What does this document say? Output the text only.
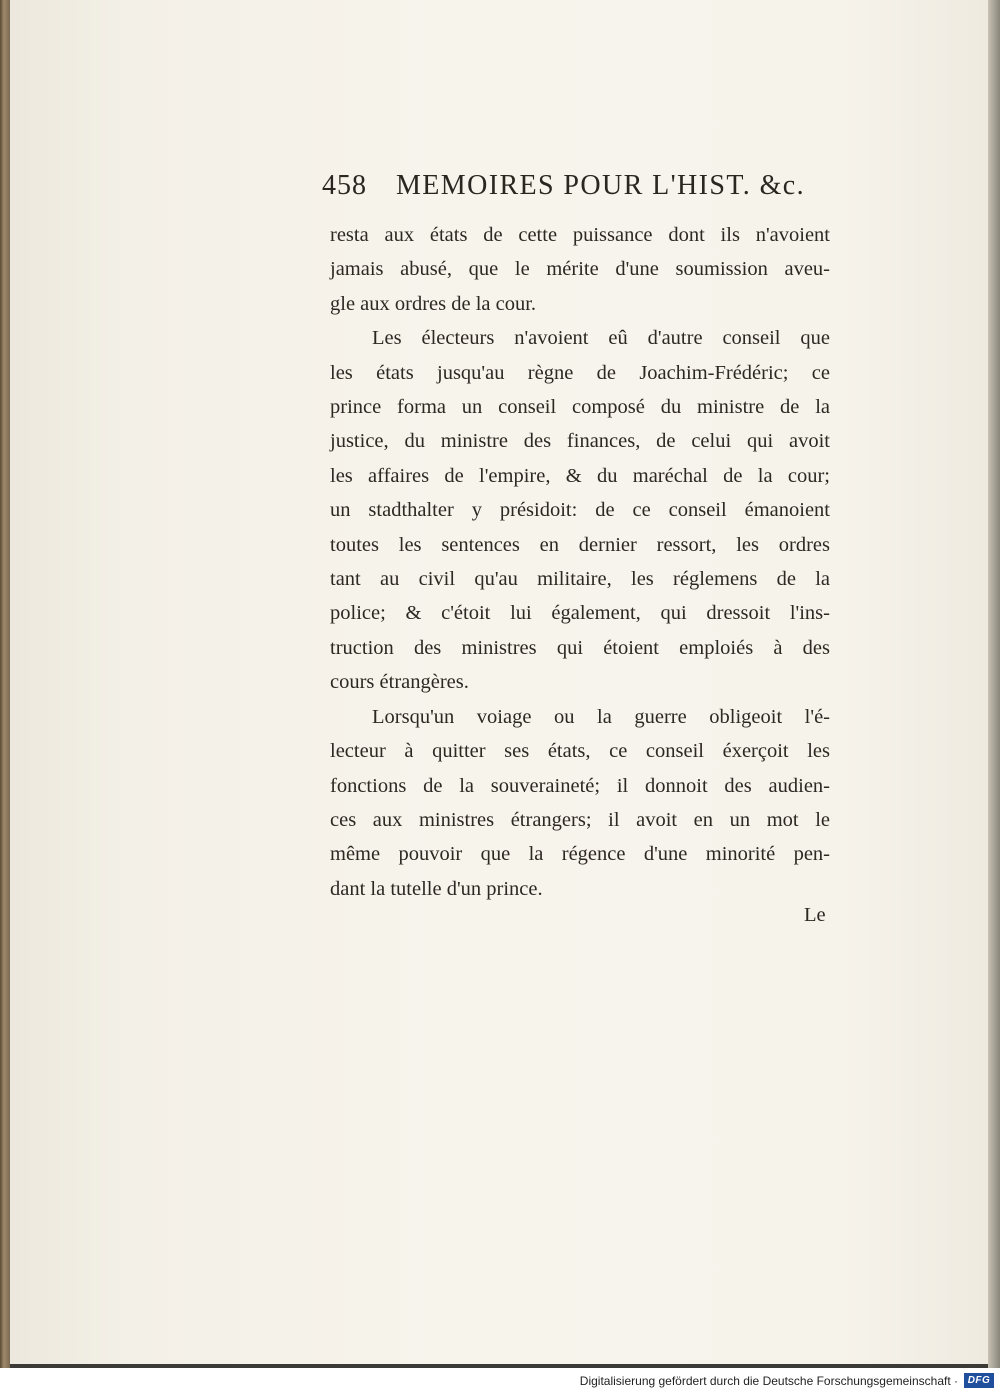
458 MEMOIRES POUR L'HIST. &c.

resta aux états de cette puissance dont ils n'avoient
jamais abusé, que le mérite d'une soumission aveu-
gle aux ordres de la cour.

Les électeurs n'avoient eû d'autre conseil que
les états jusqu'au règne de Joachim-Frédéric; ce
prince forma un conseil composé du ministre de la
justice, du ministre des finances, de celui qui avoit
les affaires de l'empire, & du maréchal de la cour;
un stadthalter y présidoit: de ce conseil émanoient
toutes les sentences en dernier ressort, les ordres
tant au civil qu'au militaire, les réglemens de la
police; & c'étoit lui également, qui dressoit l'ins-
truction des ministres qui étoient emploiés à des
cours étrangères.

Lorsqu'un voiage ou la guerre obligeoit l'é-
lecteur à quitter ses états, ce conseil éxerçoit les
fonctions de la souveraineté; il donnoit des audien-
ces aux ministres étrangers; il avoit en un mot le
même pouvoir que la régence d'une minorité pen-
dant la tutelle d'un prince.

Le
Digitalisierung gefördert durch die Deutsche Forschungsgemeinschaft · DFG
